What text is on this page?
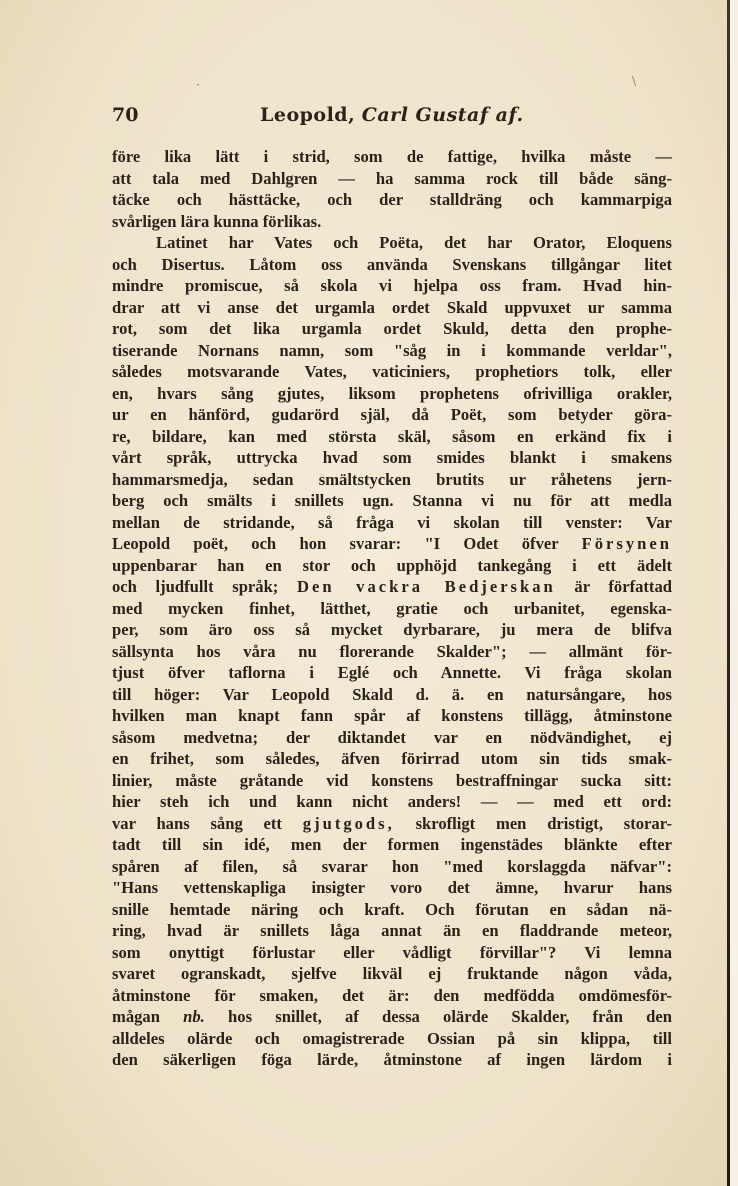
·	\
70	Leopold, Carl Gustaf af.
före lika lätt i strid, som de fattige, hvilka måste —
att tala med Dahlgren — ha samma rock till både säng-
täcke och hästtäcke, och der stalldräng och kammarpiga
svårligen lära kunna förlikas.
Latinet har Vates och Poëta, det har Orator, Eloquens
och Disertus. Låtom oss använda Svenskans tillgångar litet
mindre promiscue, så skola vi hjelpa oss fram. Hvad hin-
drar att vi anse det urgamla ordet Skald uppvuxet ur samma
rot, som det lika urgamla ordet Skuld, detta den prophe-
tiserande Nornans namn, som "såg in i kommande verldar",
således motsvarande Vates, vaticiniers, prophetiors tolk, eller
en, hvars sång gjutes, liksom prophetens ofrivilliga orakler,
ur en hänförd, gudarörd själ, då Poët, som betyder göra-
re, bildare, kan med största skäl, såsom en erkänd fix i
vårt språk, uttrycka hvad som smides blankt i smakens
hammarsmedja, sedan smältstycken brutits ur råhetens jern-
berg och smälts i snillets ugn. Stanna vi nu för att medla
mellan de stridande, så fråga vi skolan till venster: Var
Leopold poët, och hon svarar: "I Odet öfver Försynen
uppenbarar han en stor och upphöjd tankegång i ett ädelt
och ljudfullt språk; Den vackra Bedjerskan är författad
med mycken finhet, lätthet, gratie och urbanitet, egenska-
per, som äro oss så mycket dyrbarare, ju mera de blifva
sällsynta hos våra nu florerande Skalder"; — allmänt för-
tjust öfver taflorna i Eglé och Annette. Vi fråga skolan
till höger: Var Leopold Skald d. ä. en natursångare, hos
hvilken man knapt fann spår af konstens tillägg, åtminstone
såsom medvetna; der diktandet var en nödvändighet, ej
en frihet, som således, äfven förirrad utom sin tids smak-
linier, måste gråtande vid konstens bestraffningar sucka sitt:
hier steh ich und kann nicht anders! — — med ett ord:
var hans sång ett gjutgods, skrofligt men dristigt, storar-
tadt till sin idé, men der formen ingenstädes blänkte efter
spåren af filen, så svarar hon "med korslaggda näfvar":
"Hans vettenskapliga insigter voro det ämne, hvarur hans
snille hemtade näring och kraft. Och förutan en sådan nä-
ring, hvad är snillets låga annat än en fladdrande meteor,
som onyttigt förlustar eller vådligt förvillar"? Vi lemna
svaret ogranskadt, sjelfve likväl ej fruktande någon våda,
åtminstone för smaken, det är: den medfödda omdömesför-
mågan nb. hos snillet, af dessa olärde Skalder, från den
alldeles olärde och omagistrerade Ossian på sin klippa, till
den säkerligen föga lärde, åtminstone af ingen lärdom i
